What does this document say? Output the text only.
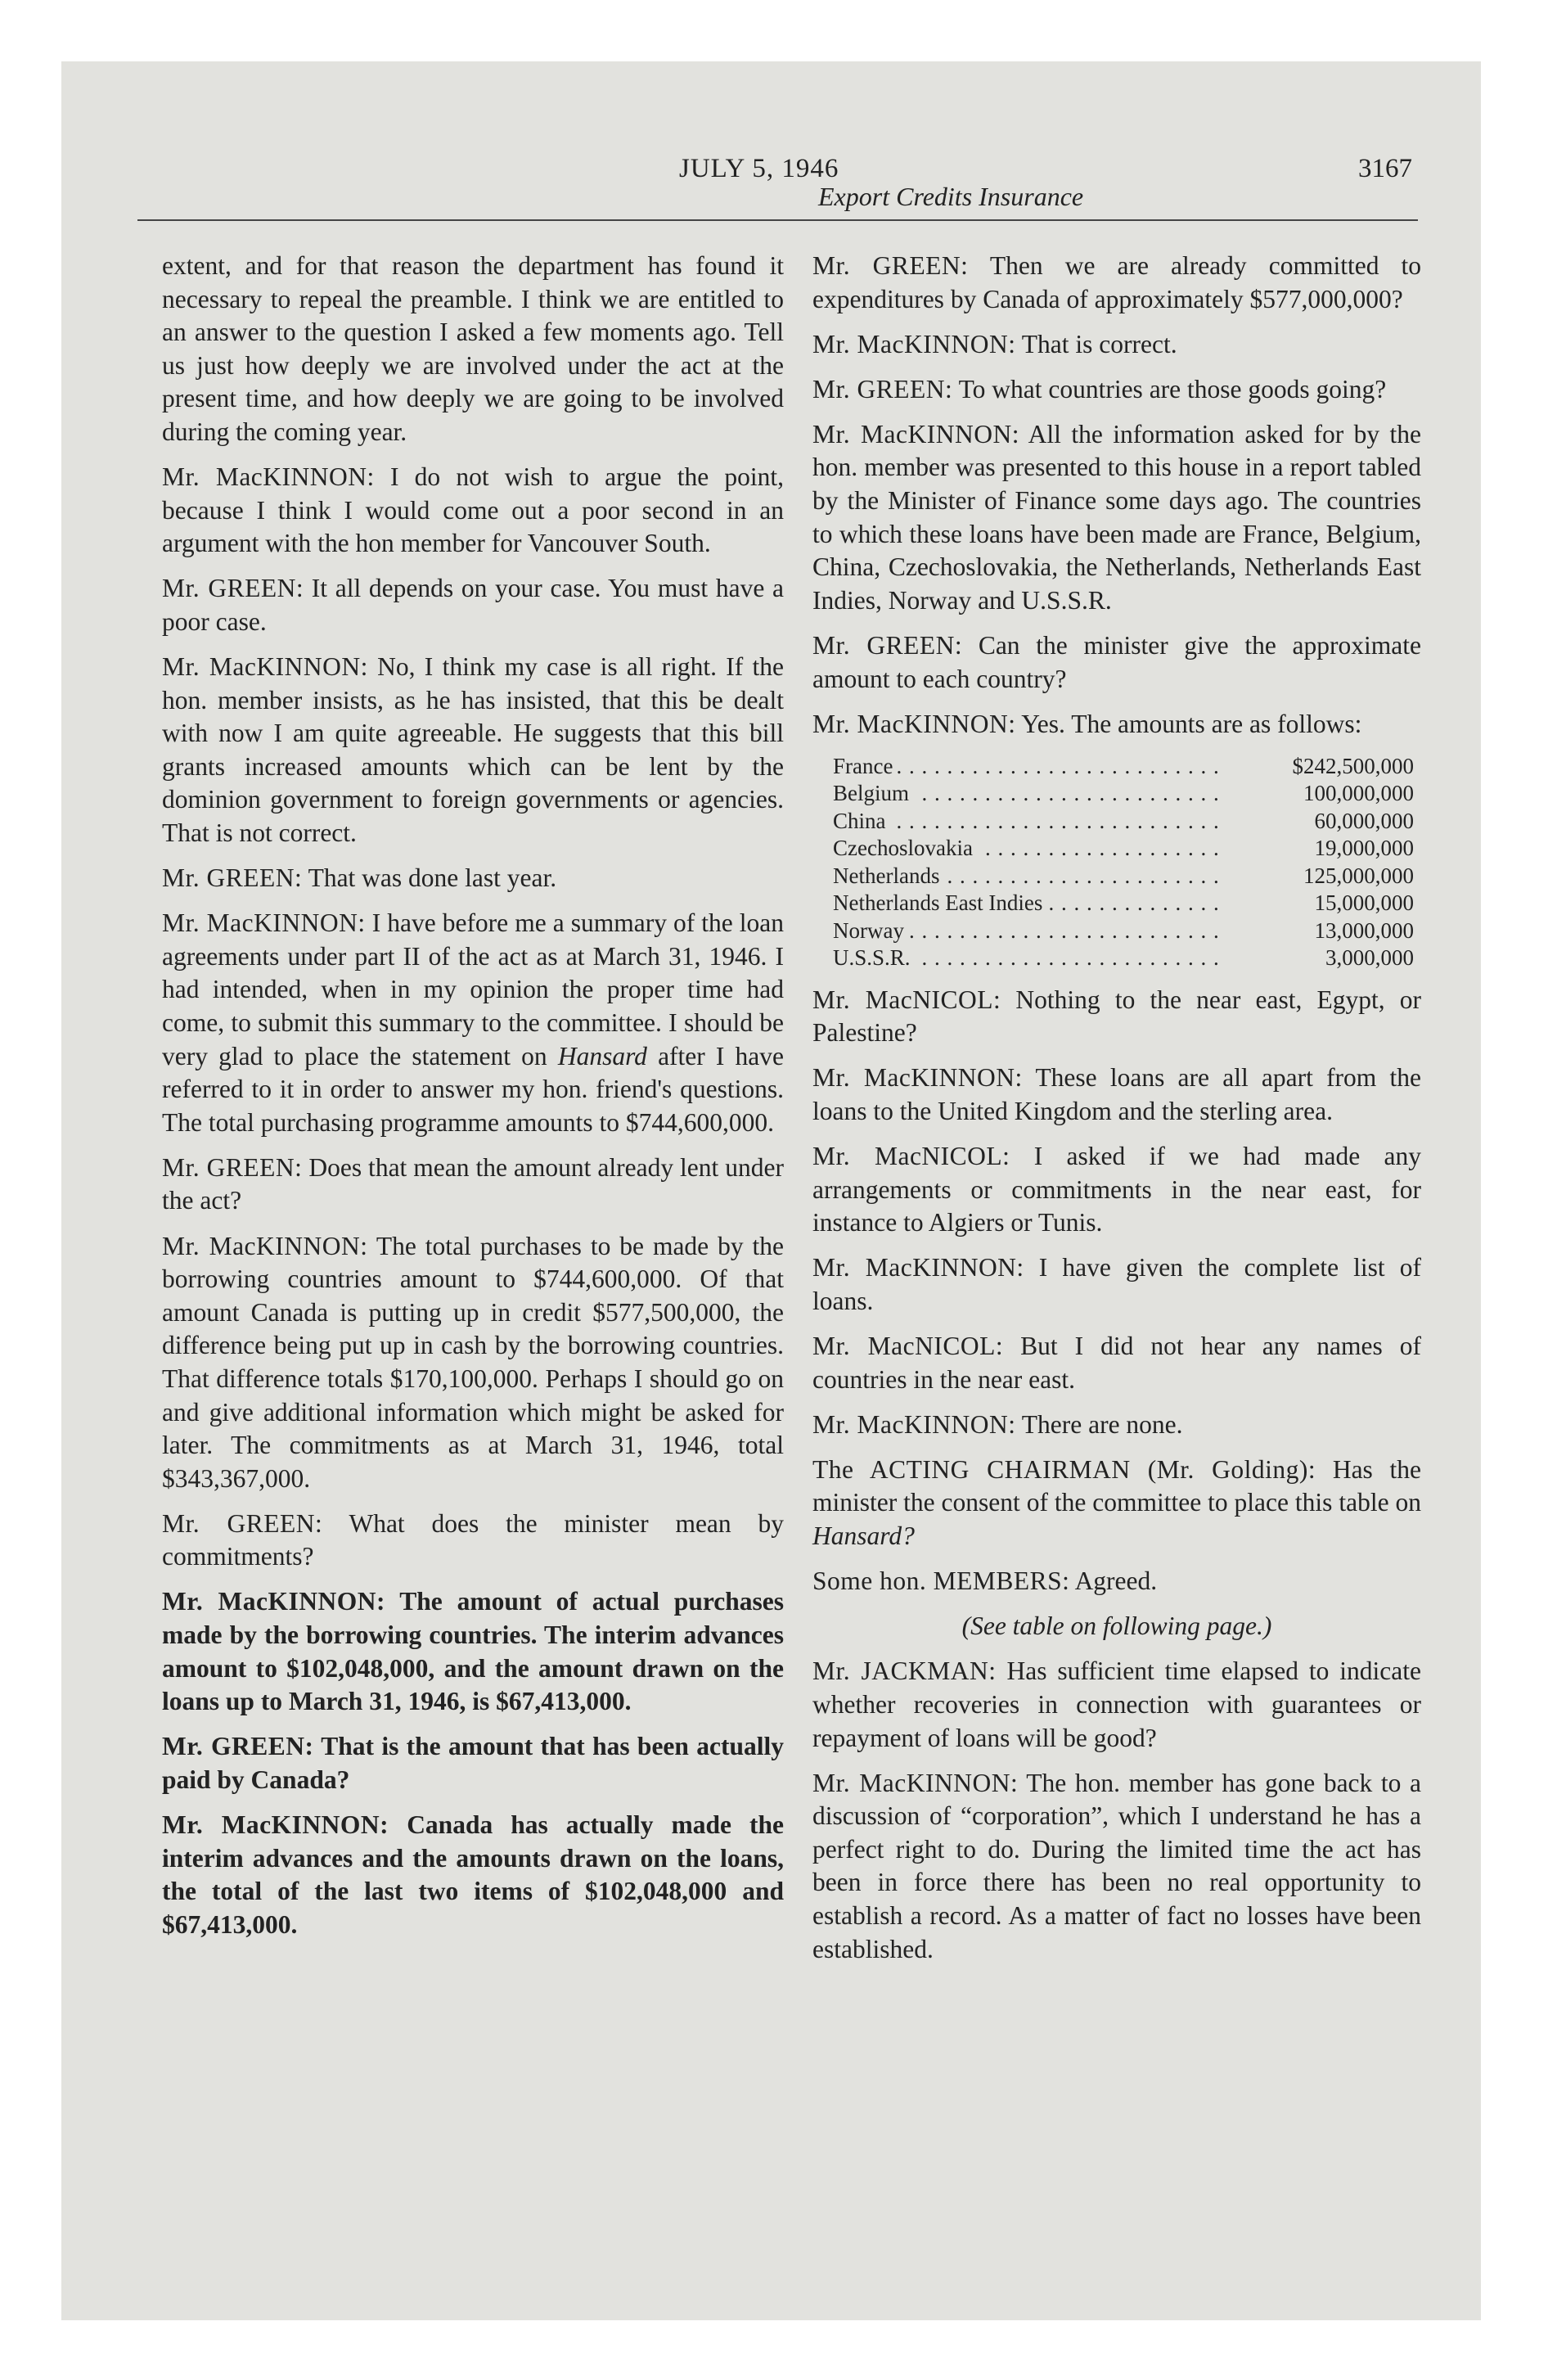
JULY 5, 1946	3167
Export Credits Insurance

extent, and for that reason the department has found it necessary to repeal the preamble. I think we are entitled to an answer to the question I asked a few moments ago. Tell us just how deeply we are involved under the act at the present time, and how deeply we are going to be involved during the coming year.

Mr. MacKINNON: I do not wish to argue the point, because I think I would come out a poor second in an argument with the hon member for Vancouver South.

Mr. GREEN: It all depends on your case. You must have a poor case.

Mr. MacKINNON: No, I think my case is all right. If the hon. member insists, as he has insisted, that this be dealt with now I am quite agreeable. He suggests that this bill grants increased amounts which can be lent by the dominion government to foreign governments or agencies. That is not correct.

Mr. GREEN: That was done last year.

Mr. MacKINNON: I have before me a summary of the loan agreements under part II of the act as at March 31, 1946. I had intended, when in my opinion the proper time had come, to submit this summary to the committee. I should be very glad to place the statement on Hansard after I have referred to it in order to answer my hon. friend's questions. The total purchasing programme amounts to $744,600,000.

Mr. GREEN: Does that mean the amount already lent under the act?

Mr. MacKINNON: The total purchases to be made by the borrowing countries amount to $744,600,000. Of that amount Canada is putting up in credit $577,500,000, the difference being put up in cash by the borrowing countries. That difference totals $170,100,000. Perhaps I should go on and give additional information which might be asked for later. The commitments as at March 31, 1946, total $343,367,000.

Mr. GREEN: What does the minister mean by commitments?

Mr. MacKINNON: The amount of actual purchases made by the borrowing countries. The interim advances amount to $102,048,000, and the amount drawn on the loans up to March 31, 1946, is $67,413,000.

Mr. GREEN: That is the amount that has been actually paid by Canada?

Mr. MacKINNON: Canada has actually made the interim advances and the amounts drawn on the loans, the total of the last two items of $102,048,000 and $67,413,000.

Mr. GREEN: Then we are already committed to expenditures by Canada of approximately $577,000,000?

Mr. MacKINNON: That is correct.

Mr. GREEN: To what countries are those goods going?

Mr. MacKINNON: All the information asked for by the hon. member was presented to this house in a report tabled by the Minister of Finance some days ago. The countries to which these loans have been made are France, Belgium, China, Czechoslovakia, the Netherlands, Netherlands East Indies, Norway and U.S.S.R.

Mr. GREEN: Can the minister give the approximate amount to each country?

Mr. MacKINNON: Yes. The amounts are as follows:

France . . .	$242,500,000
Belgium . . .	100,000,000
China . . .	60,000,000
Czechoslovakia . . .	19,000,000
Netherlands . . .	125,000,000
Netherlands East Indies . . .	15,000,000
Norway . . .	13,000,000
U.S.S.R. . . .	3,000,000

Mr. MacNICOL: Nothing to the near east, Egypt, or Palestine?

Mr. MacKINNON: These loans are all apart from the loans to the United Kingdom and the sterling area.

Mr. MacNICOL: I asked if we had made any arrangements or commitments in the near east, for instance to Algiers or Tunis.

Mr. MacKINNON: I have given the complete list of loans.

Mr. MacNICOL: But I did not hear any names of countries in the near east.

Mr. MacKINNON: There are none.

The ACTING CHAIRMAN (Mr. Golding): Has the minister the consent of the committee to place this table on Hansard?

Some hon. MEMBERS: Agreed.

(See table on following page.)

Mr. JACKMAN: Has sufficient time elapsed to indicate whether recoveries in connection with guarantees or repayment of loans will be good?

Mr. MacKINNON: The hon. member has gone back to a discussion of “corporation”, which I understand he has a perfect right to do. During the limited time the act has been in force there has been no real opportunity to establish a record. As a matter of fact no losses have been established.
